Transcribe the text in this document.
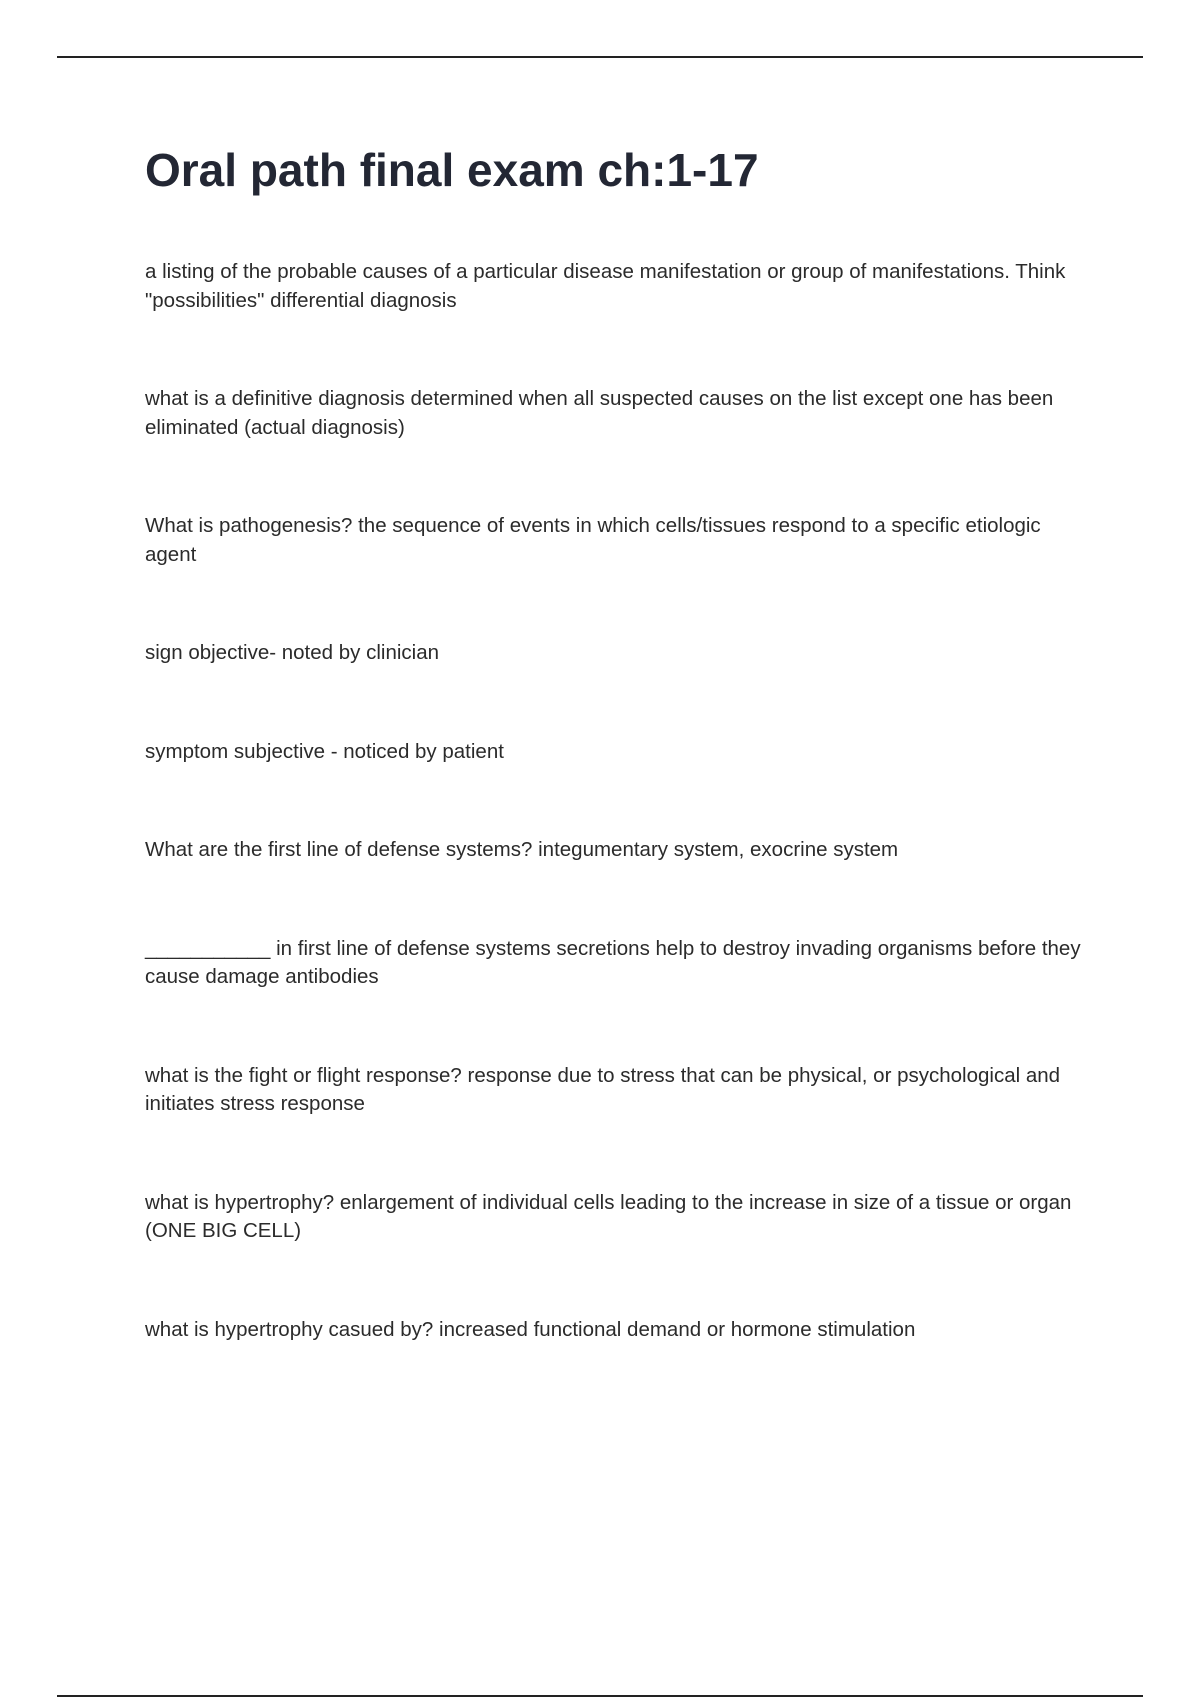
Oral path final exam ch:1-17
a listing of the probable causes of a particular disease manifestation or group of manifestations. Think "possibilities" differential diagnosis
what is a definitive diagnosis determined when all suspected causes on the list except one has been eliminated (actual diagnosis)
What is pathogenesis? the sequence of events in which cells/tissues respond to a specific etiologic agent
sign objective- noted by clinician
symptom subjective - noticed by patient
What are the first line of defense systems? integumentary system, exocrine system
___________ in first line of defense systems secretions help to destroy invading organisms before they cause damage antibodies
what is the fight or flight response? response due to stress that can be physical, or psychological and initiates stress response
what is hypertrophy? enlargement of individual cells leading to the increase in size of a tissue or organ (ONE BIG CELL)
what is hypertrophy casued by? increased functional demand or hormone stimulation
